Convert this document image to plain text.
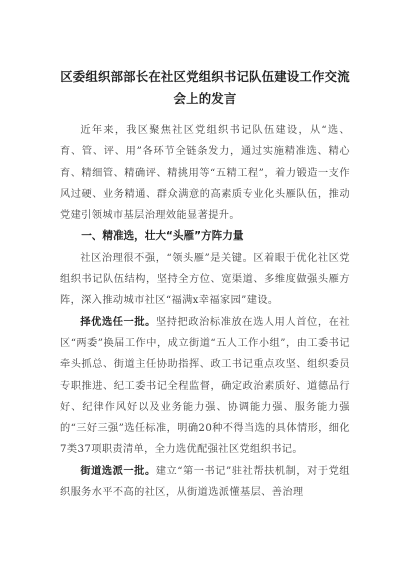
区委组织部部长在社区党组织书记队伍建设工作交流会上的发言

近年来，我区聚焦社区党组织书记队伍建设，从“选、育、管、评、用”各环节全链条发力，通过实施精准选、精心育、精细管、精确评、精挑用等“五精工程”，着力锻造一支作风过硬、业务精通、群众满意的高素质专业化头雁队伍，推动党建引领城市基层治理效能显著提升。

一、精准选，壮大“头雁”方阵力量

社区治理很不强，“领头雁”是关键。区着眼于优化社区党组织书记队伍结构，坚持全方位、宽渠道、多维度做强头雁方阵，深入推动城市社区“福满x幸福家园”建设。

择优选任一批。坚持把政治标准放在选人用人首位，在社区“两委”换届工作中，成立街道“五人工作小组”，由工委书记牵头抓总、街道主任协助指挥、政工书记重点攻坚、组织委员专职推进、纪工委书记全程监督，确定政治素质好、道德品行好、纪律作风好以及业务能力强、协调能力强、服务能力强的“三好三强”选任标准，明确20种不得当选的具体情形，细化7类37项职责清单，全力选优配强社区党组织书记。

街道选派一批。建立“第一书记”驻社帮扶机制，对于党组织服务水平不高的社区，从街道选派懂基层、善治理
